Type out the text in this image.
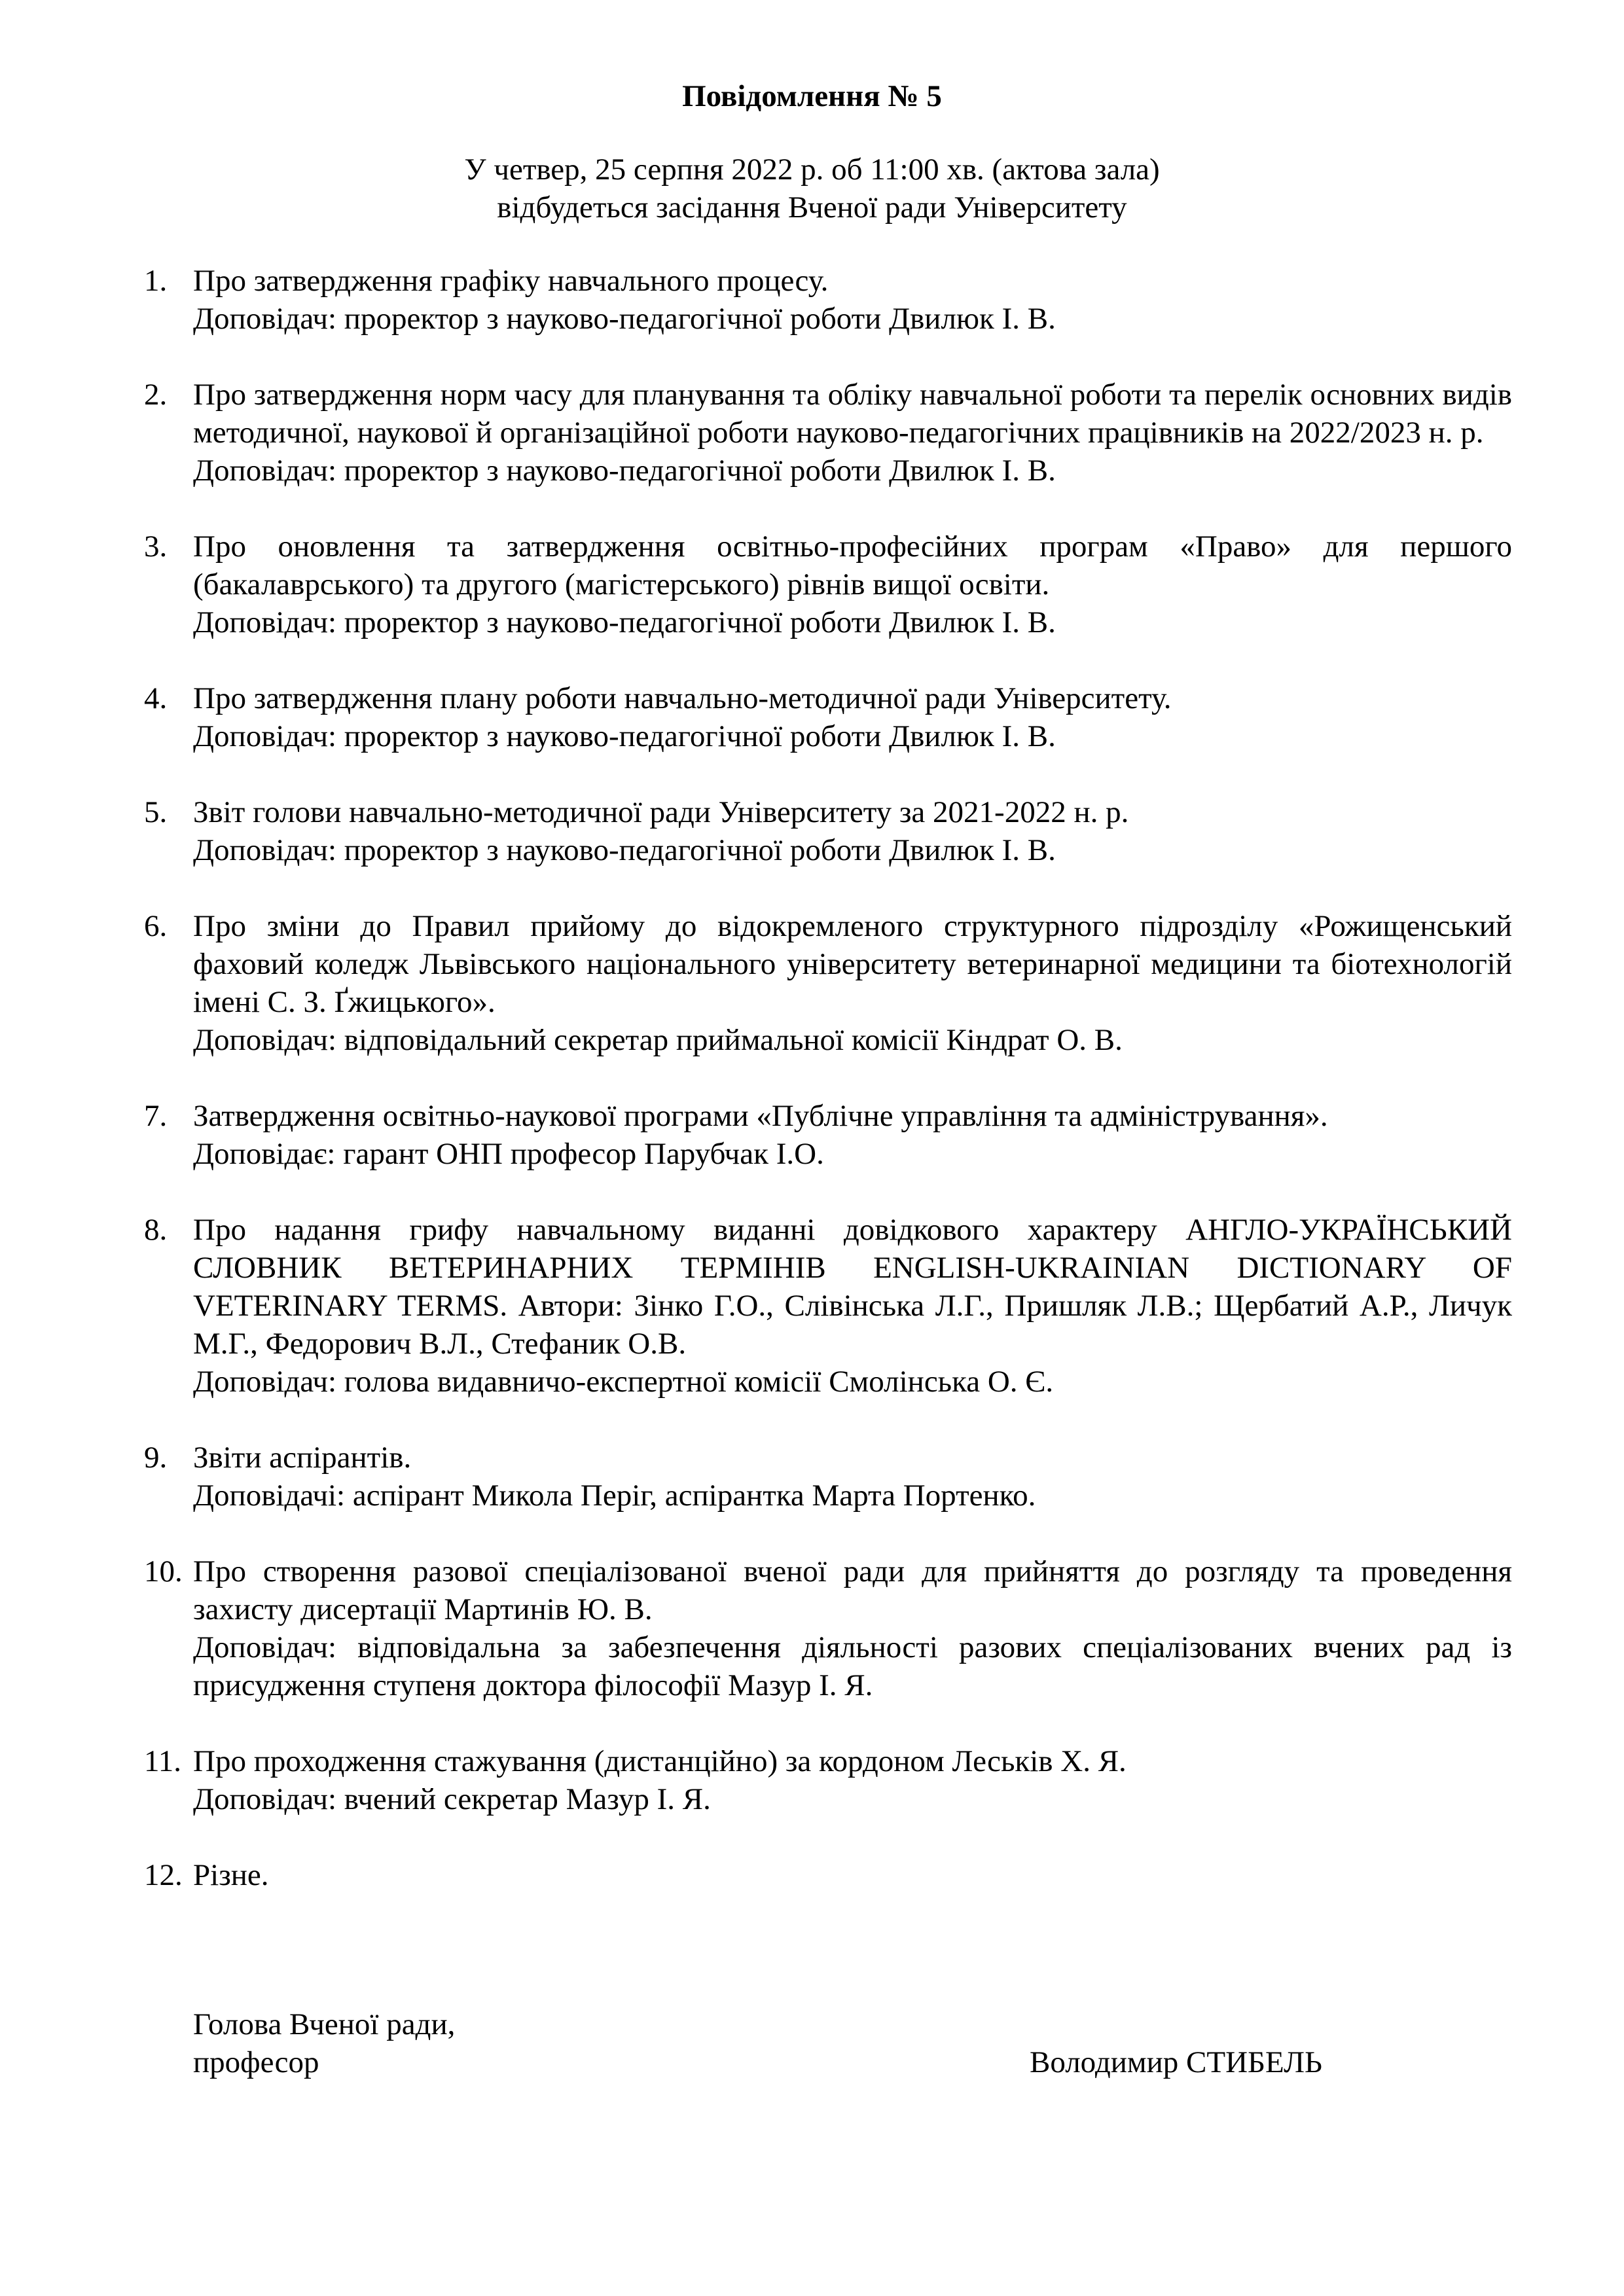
Повідомлення № 5
У четвер, 25 серпня 2022 р. об 11:00 хв. (актова зала)
відбудеться засідання Вченої ради Університету
1. Про затвердження графіку навчального процесу.
Доповідач: проректор з науково-педагогічної роботи Двилюк І. В.
2. Про затвердження норм часу для планування та обліку навчальної роботи та перелік основних видів методичної, наукової й організаційної роботи науково-педагогічних працівників на 2022/2023 н. р.
Доповідач: проректор з науково-педагогічної роботи Двилюк І. В.
3. Про оновлення та затвердження освітньо-професійних програм «Право» для першого (бакалаврського) та другого (магістерського) рівнів вищої освіти.
Доповідач: проректор з науково-педагогічної роботи Двилюк І. В.
4. Про затвердження плану роботи навчально-методичної ради Університету.
Доповідач: проректор з науково-педагогічної роботи Двилюк І. В.
5. Звіт голови навчально-методичної ради Університету за 2021-2022 н. р.
Доповідач: проректор з науково-педагогічної роботи Двилюк І. В.
6. Про зміни до Правил прийому до відокремленого структурного підрозділу «Рожищенський фаховий коледж Львівського національного університету ветеринарної медицини та біотехнологій імені С. З. Ґжицького».
Доповідач: відповідальний секретар приймальної комісії Кіндрат О. В.
7. Затвердження освітньо-наукової програми «Публічне управління та адміністрування».
Доповідає: гарант ОНП професор Парубчак І.О.
8. Про надання грифу навчальному виданні довідкового характеру АНГЛО-УКРАЇНСЬКИЙ СЛОВНИК ВЕТЕРИНАРНИХ ТЕРМІНІВ ENGLISH-UKRAINIAN DICTIONARY OF VETERINARY TERMS. Автори: Зінко Г.О., Слівінська Л.Г., Пришляк Л.В.; Щербатий А.Р., Личук М.Г., Федорович В.Л., Стефаник О.В.
Доповідач: голова видавничо-експертної комісії Смолінська О. Є.
9. Звіти аспірантів.
Доповідачі: аспірант Микола Періг, аспірантка Марта Портенко.
10. Про створення разової спеціалізованої вченої ради для прийняття до розгляду та проведення захисту дисертації Мартинів Ю. В.
Доповідач: відповідальна за забезпечення діяльності разових спеціалізованих вчених рад із присудження ступеня доктора філософії Мазур І. Я.
11. Про проходження стажування (дистанційно) за кордоном Леськів Х. Я.
Доповідач: вчений секретар Мазур І. Я.
12. Різне.
Голова Вченої ради,
професор	Володимир СТИБЕЛЬ
